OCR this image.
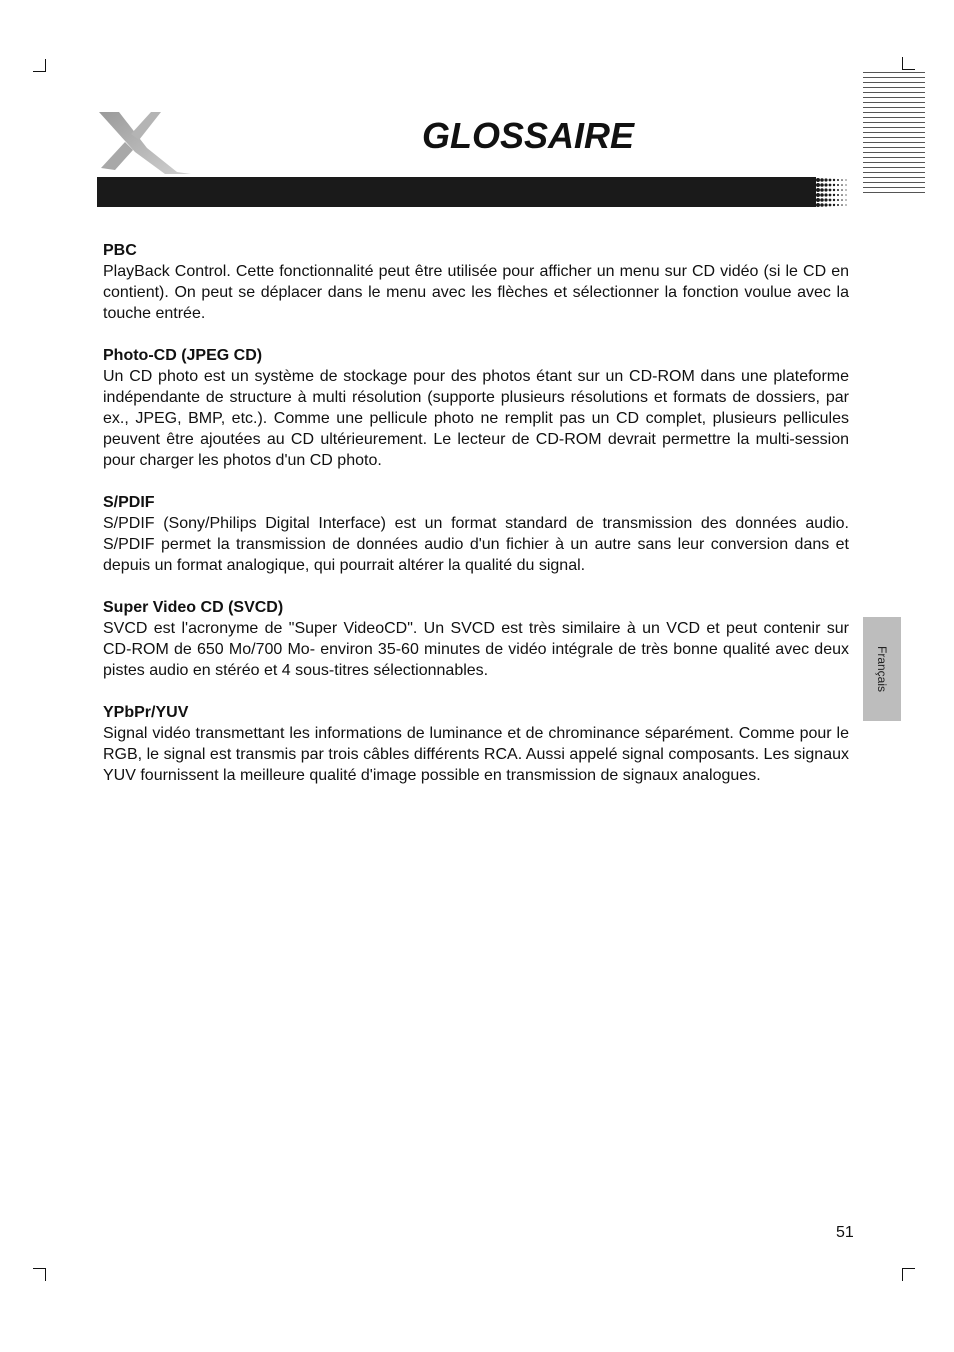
GLOSSAIRE

PBC

PlayBack Control. Cette fonctionnalité peut être utilisée pour afficher un menu sur CD vidéo (si le CD en contient). On peut se déplacer dans le menu avec les flèches et sélectionner la fonction voulue avec la touche entrée.

Photo-CD (JPEG CD)

Un CD photo est un système de stockage pour des photos étant sur un CD-ROM dans une plateforme indépendante de structure à multi résolution (supporte plusieurs résolutions et formats de dossiers, par ex., JPEG, BMP, etc.). Comme une pellicule photo ne remplit pas un CD complet, plusieurs pellicules peuvent être ajoutées au CD ultérieurement. Le lecteur de CD-ROM devrait permettre la multi-session pour charger les photos d'un CD photo.

S/PDIF

S/PDIF (Sony/Philips Digital Interface) est un format standard de transmission des données audio. S/PDIF permet la transmission de données audio d'un fichier à un autre sans leur conversion dans et depuis un format analogique, qui pourrait altérer la qualité du signal.

Super Video CD (SVCD)

SVCD est l'acronyme de "Super VideoCD". Un SVCD est très similaire à un VCD et peut contenir sur CD-ROM de 650 Mo/700 Mo- environ 35-60 minutes de vidéo intégrale de très bonne qualité avec deux pistes audio en stéréo et 4 sous-titres sélectionnables.

YPbPr/YUV

Signal vidéo transmettant les informations de luminance et de chrominance séparément. Comme pour le RGB, le signal est transmis par trois câbles différents RCA. Aussi appelé signal composants. Les signaux YUV fournissent la meilleure qualité d'image possible en transmission de signaux analogues.

Français
51
